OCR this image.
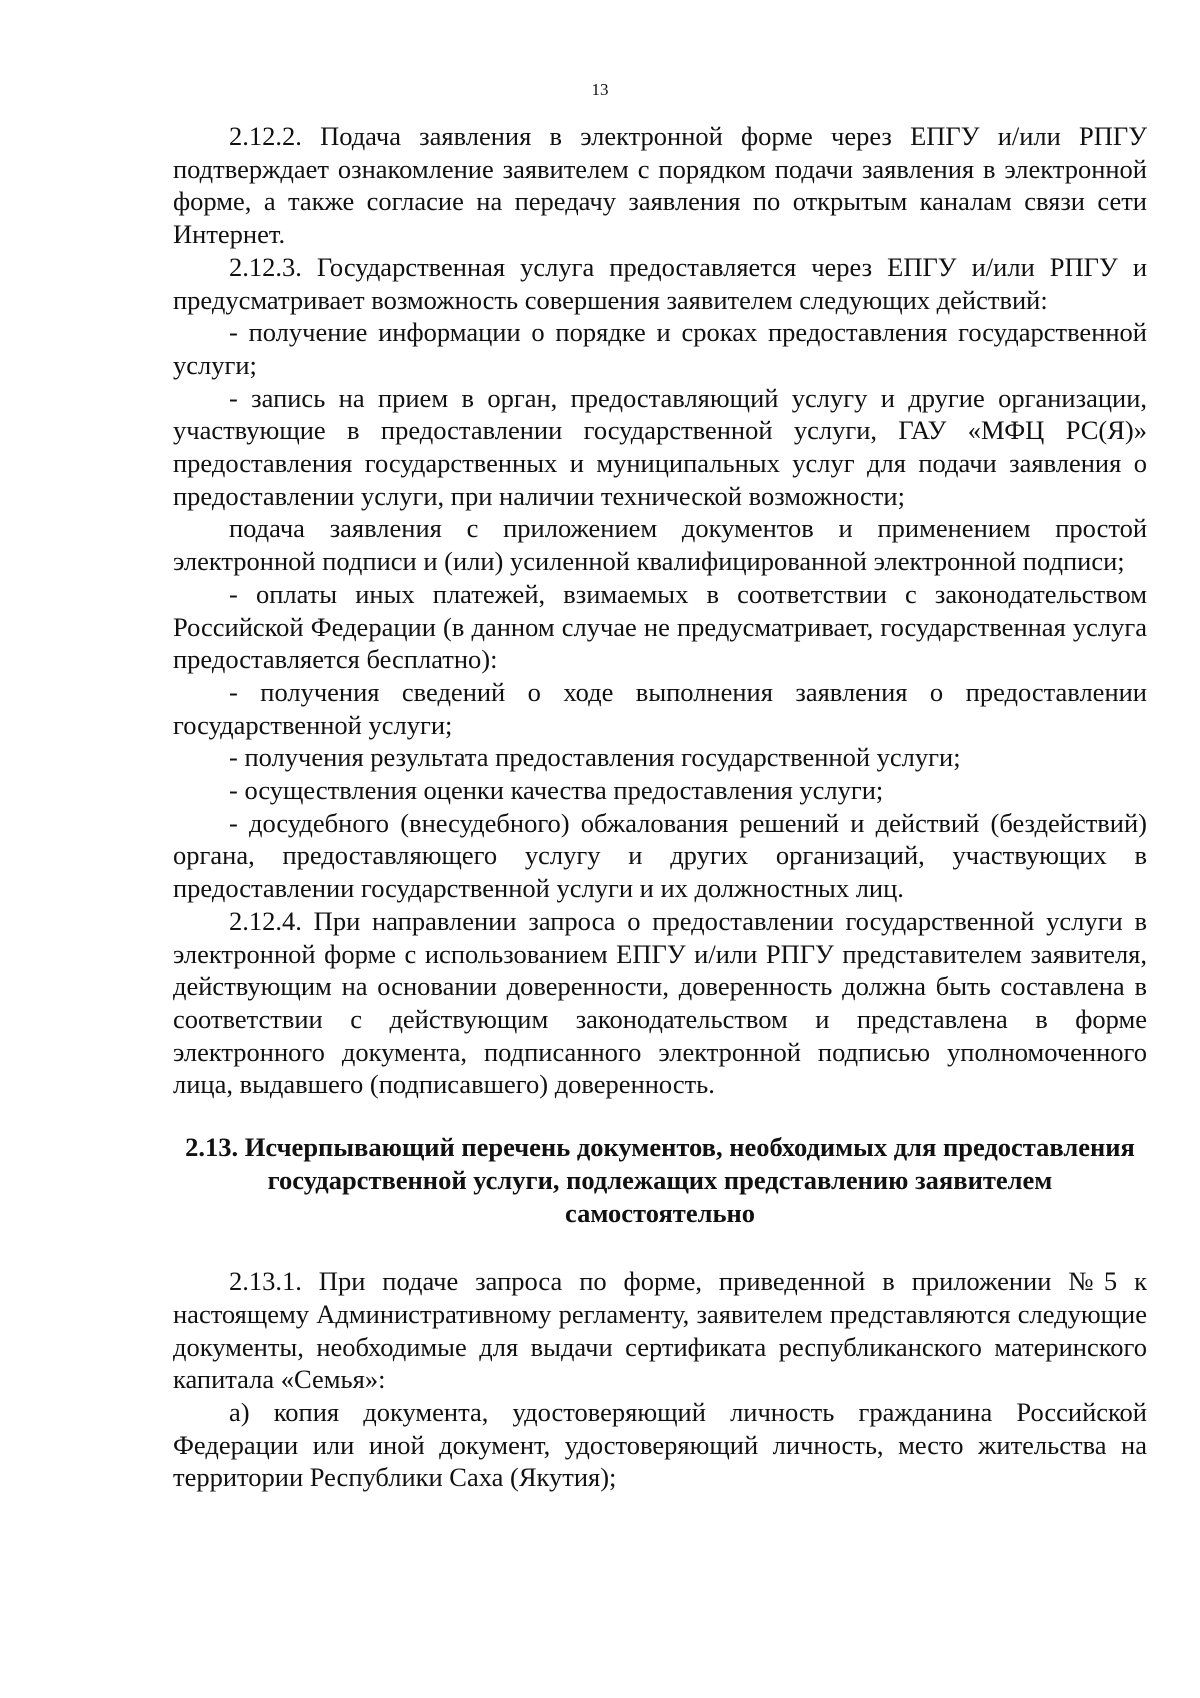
13

2.12.2. Подача заявления в электронной форме через ЕПГУ и/или РПГУ подтверждает ознакомление заявителем с порядком подачи заявления в электронной форме, а также согласие на передачу заявления по открытым каналам связи сети Интернет.

2.12.3. Государственная услуга предоставляется через ЕПГУ и/или РПГУ и предусматривает возможность совершения заявителем следующих действий:

- получение информации о порядке и сроках предоставления государственной услуги;

- запись на прием в орган, предоставляющий услугу и другие организации, участвующие в предоставлении государственной услуги, ГАУ «МФЦ РС(Я)» предоставления государственных и муниципальных услуг для подачи заявления о предоставлении услуги, при наличии технической возможности;

подача заявления с приложением документов и применением простой электронной подписи и (или) усиленной квалифицированной электронной подписи;

- оплаты иных платежей, взимаемых в соответствии с законодательством Российской Федерации (в данном случае не предусматривает, государственная услуга предоставляется бесплатно):

- получения сведений о ходе выполнения заявления о предоставлении государственной услуги;

- получения результата предоставления государственной услуги;

- осуществления оценки качества предоставления услуги;

- досудебного (внесудебного) обжалования решений и действий (бездействий) органа, предоставляющего услугу и других организаций, участвующих в предоставлении государственной услуги и их должностных лиц.

2.12.4. При направлении запроса о предоставлении государственной услуги в электронной форме с использованием ЕПГУ и/или РПГУ представителем заявителя, действующим на основании доверенности, доверенность должна быть составлена в соответствии с действующим законодательством и представлена в форме электронного документа, подписанного электронной подписью уполномоченного лица, выдавшего (подписавшего) доверенность.

2.13. Исчерпывающий перечень документов, необходимых для предоставления государственной услуги, подлежащих представлению заявителем самостоятельно

2.13.1. При подаче запроса по форме, приведенной в приложении №5 к настоящему Административному регламенту, заявителем представляются следующие документы, необходимые для выдачи сертификата республиканского материнского капитала «Семья»:

а) копия документа, удостоверяющий личность гражданина Российской Федерации или иной документ, удостоверяющий личность, место жительства на территории Республики Саха (Якутия);
